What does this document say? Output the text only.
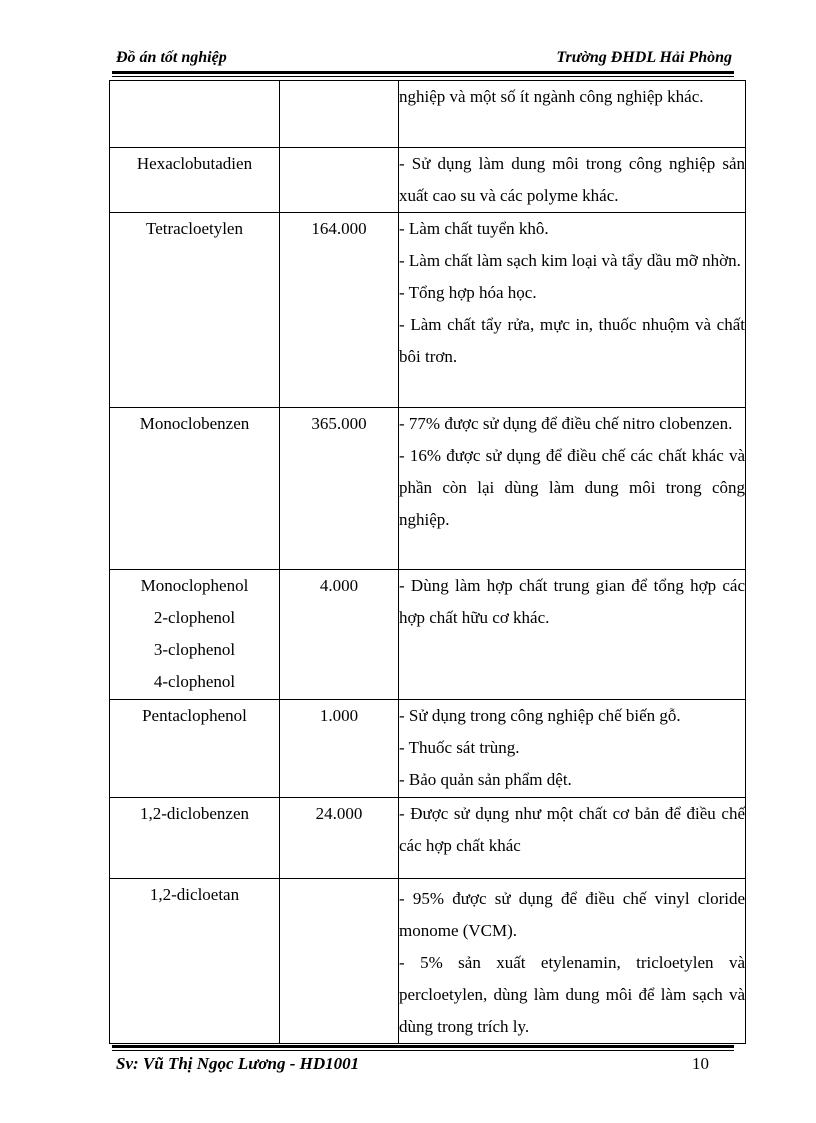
Đồ án tốt nghiệp	Trường ĐHDL Hải Phòng

		nghiệp và một số ít ngành công nghiệp khác.

Hexaclobutadien		- Sử dụng làm dung môi trong công nghiệp sản xuất cao su và các polyme khác.

Tetracloetylen	164.000	- Làm chất tuyển khô.
- Làm chất làm sạch kim loại và tẩy dầu mỡ nhờn.
- Tổng hợp hóa học.
- Làm chất tẩy rửa, mực in, thuốc nhuộm và chất bôi trơn.

Monoclobenzen	365.000	- 77% được sử dụng để điều chế nitro clobenzen.
- 16% được sử dụng để điều chế các chất khác và phần còn lại dùng làm dung môi trong công nghiệp.

Monoclophenol
2-clophenol
3-clophenol
4-clophenol	4.000	- Dùng làm hợp chất trung gian để tổng hợp các hợp chất hữu cơ khác.

Pentaclophenol	1.000	- Sử dụng trong công nghiệp chế biến gỗ.
- Thuốc sát trùng.
- Bảo quản sản phẩm dệt.

1,2-diclobenzen	24.000	- Được sử dụng như một chất cơ bản để điều chế các hợp chất khác

1,2-dicloetan		- 95% được sử dụng để điều chế vinyl cloride monome (VCM).
- 5% sản xuất etylenamin, tricloetylen và percloetylen, dùng làm dung môi để làm sạch và dùng trong trích ly.
Sv: Vũ Thị Ngọc Lương - HD1001	10
